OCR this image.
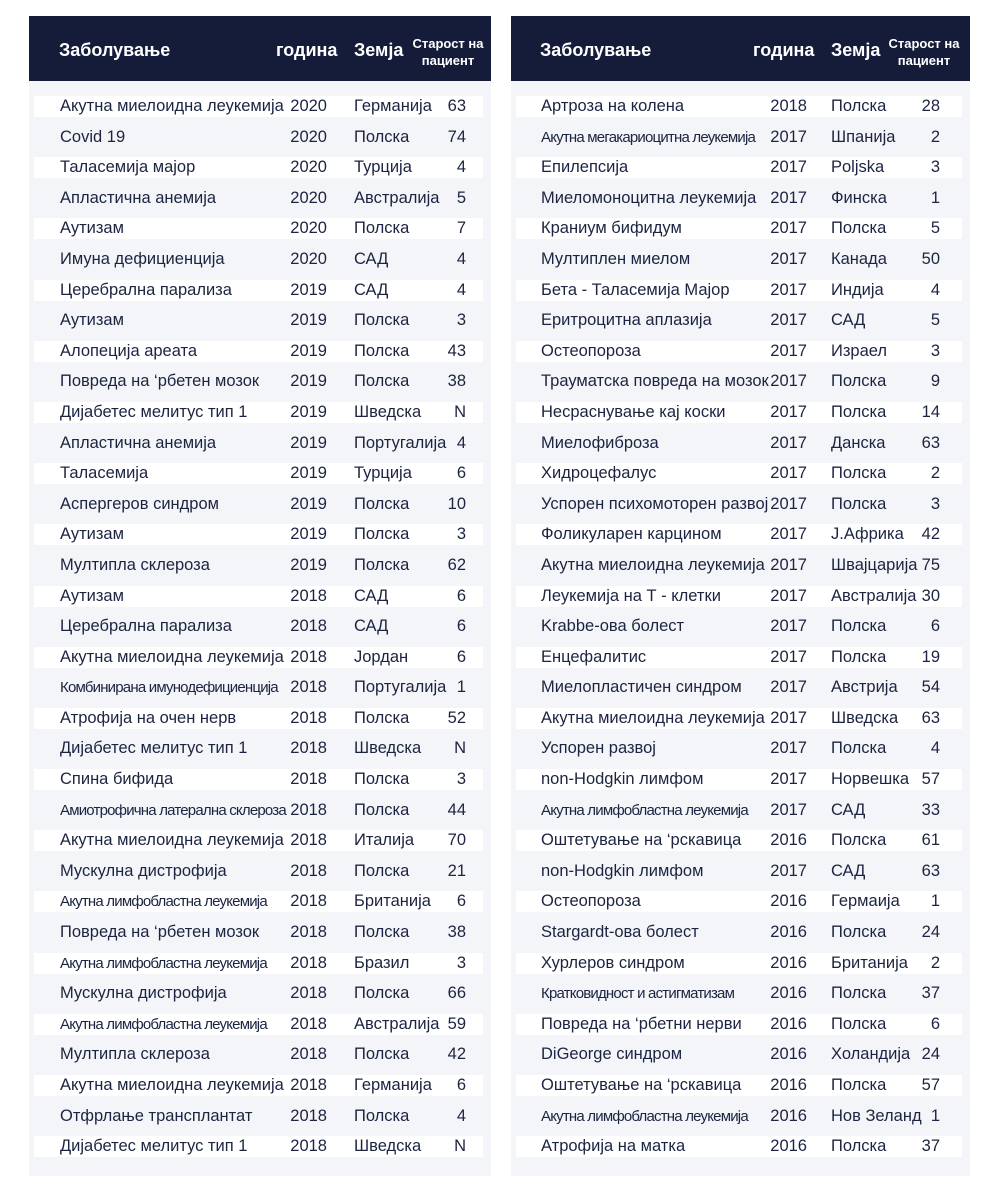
Заболување	година Земја Старост на
пациент
Акутна миелоидна леукемија 2020 Германија 63
Covid 19	2020 Полска 74
Таласемија мајор	2020 Турција	4
Апластична анемија	2020 Австралија 5
Аутизам	2020 Полска	7
Имуна дефициенција	2020 САД	4
Церебрална парализа	2019 САД	4
Аутизам	2019 Полска	3
Алопеција ареата	2019 Полска 43
Повреда на ‘рбетен мозок 2019 Полска 38
Дијабетес мелитус тип 1	2019 Шведска N
Апластична анемија	2019 Португалија 4
Таласемија	2019 Турција	6
Аспергеров синдром	2019 Полска 10
Аутизам	2019 Полска	3
Мултипла склероза	2019 Полска 62
Аутизам	2018 САД	6
Церебрална парализа	2018 САД	6
Акутна миелоидна леукемија 2018 Јордан	6
Комбинирана имунодефициенција 2018 Португалија 1
Атрофија на очен нерв	2018 Полска 52
Дијабетес мелитус тип 1	2018 Шведска N
Спина бифида	2018 Полска	3
Амиотрофична латерална склероза 2018 Полска 44
Акутна миелоидна леукемија 2018 Италија 70
Мускулна дистрофија	2018 Полска 21
Акутна лимфобластна леукемија 2018 Британија 6
Повреда на ‘рбетен мозок 2018 Полска 38
Акутна лимфобластна леукемија 2018 Бразил	3
Мускулна дистрофија	2018 Полска 66
Акутна лимфобластна леукемија 2018 Австралија 59
Мултипла склероза	2018 Полска 42
Акутна миелоидна леукемија 2018 Германија 6
Отфрлање трансплантат 2018 Полска	4
Дијабетес мелитус тип 1	2018 Шведска N
Заболување	година Земја Старост на
пациент
Артроза на колена	2018 Полска 28
Акутна мегакариоцитна леукемија 2017 Шпанија 2
Епилепсија	2017 Poljska	3
Миеломоноцитна леукемија 2017 Финска	1
Краниум бифидум	2017 Полска	5
Мултиплен миелом	2017 Канада 50
Бета - Таласемија Мајор 2017 Индија	4
Еритроцитна аплазија	2017 САД	5
Остеопороза	2017 Израел	3
Трауматска повреда на мозок 2017 Полска	9
Несраснување кај коски	2017 Полска 14
Миелофиброза	2017 Данска 63
Хидроцефалус	2017 Полска	2
Успорен психомоторен развој 2017 Полска	3
Фоликуларен карцином	2017 Ј.Африка 42
Акутна миелоидна леукемија 2017 Швајцарија 75
Леукемија на Т - клетки	2017 Австралија 30
Krabbe-ова болест	2017 Полска	6
Енцефалитис	2017 Полска 19
Миелопластичен синдром 2017 Австрија 54
Акутна миелоидна леукемија 2017 Шведска 63
Успорен развој	2017 Полска	4
non-Hodgkin лимфом	2017 Норвешка 57
Акутна лимфобластна леукемија 2017 САД	33
Оштетување на ‘рскавица 2016 Полска 61
non-Hodgkin лимфом	2017 САД	63
Остеопороза	2016 Гермаија 1
Stargardt-ова болест	2016 Полска 24
Хурлеров синдром	2016 Британија 2
Кратковидност и астигматизам 2016 Полска 37
Повреда на ‘рбетни нерви 2016 Полска	6
DiGeorge синдром	2016 Холандија 24
Оштетување на ‘рскавица 2016 Полска 57
Акутна лимфобластна леукемија 2016 Нов Зеланд 1
Атрофија на матка	2016 Полска 37
